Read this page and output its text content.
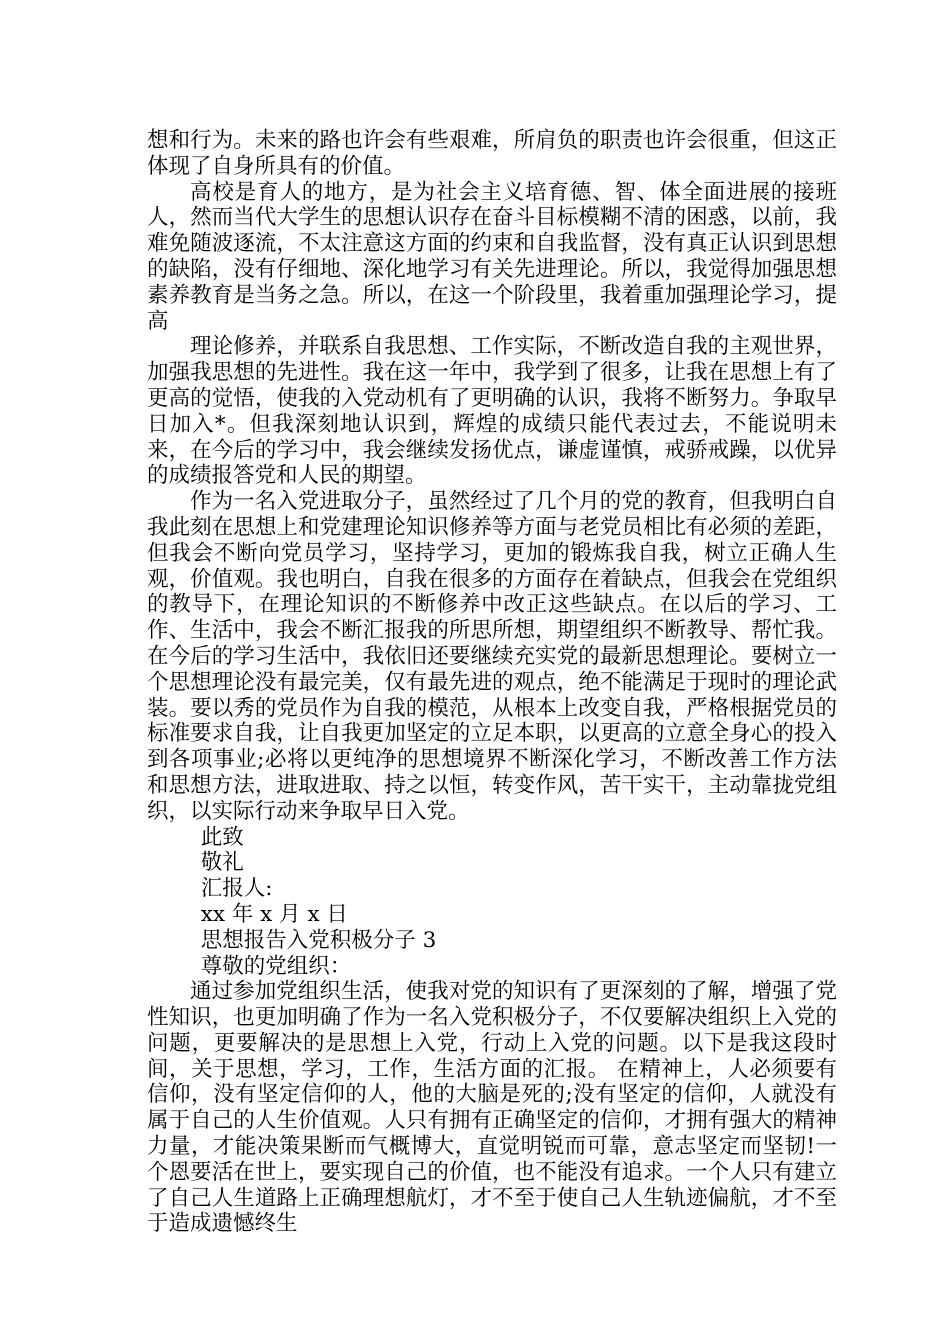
想和行为。未来的路也许会有些艰难，所肩负的职责也许会很重，但这正体现了自身所具有的价值。

高校是育人的地方，是为社会主义培育德、智、体全面进展的接班人，然而当代大学生的思想认识存在奋斗目标模糊不清的困惑，以前，我难免随波逐流，不太注意这方面的约束和自我监督，没有真正认识到思想的缺陷，没有仔细地、深化地学习有关先进理论。所以，我觉得加强思想素养教育是当务之急。所以，在这一个阶段里，我着重加强理论学习，提高

理论修养，并联系自我思想、工作实际，不断改造自我的主观世界，加强我思想的先进性。我在这一年中，我学到了很多，让我在思想上有了更高的觉悟，使我的入党动机有了更明确的认识，我将不断努力。争取早日加入*。但我深刻地认识到，辉煌的成绩只能代表过去，不能说明未来，在今后的学习中，我会继续发扬优点，谦虚谨慎，戒骄戒躁，以优异的成绩报答党和人民的期望。

作为一名入党进取分子，虽然经过了几个月的党的教育，但我明白自我此刻在思想上和党建理论知识修养等方面与老党员相比有必须的差距，但我会不断向党员学习，坚持学习，更加的锻炼我自我，树立正确人生观，价值观。我也明白，自我在很多的方面存在着缺点，但我会在党组织的教导下，在理论知识的不断修养中改正这些缺点。在以后的学习、工作、生活中，我会不断汇报我的所思所想，期望组织不断教导、帮忙我。在今后的学习生活中，我依旧还要继续充实党的最新思想理论。要树立一个思想理论没有最完美，仅有最先进的观点，绝不能满足于现时的理论武装。要以秀的党员作为自我的模范，从根本上改变自我，严格根据党员的标准要求自我，让自我更加坚定的立足本职，以更高的立意全身心的投入到各项事业;必将以更纯净的思想境界不断深化学习，不断改善工作方法和思想方法，进取进取、持之以恒，转变作风，苦干实干，主动靠拢党组织，以实际行动来争取早日入党。

此致

敬礼

汇报人:

xx 年 x 月 x 日

思想报告入党积极分子 3

尊敬的党组织：

通过参加党组织生活，使我对党的知识有了更深刻的了解，增强了党性知识，也更加明确了作为一名入党积极分子，不仅要解决组织上入党的问题，更要解决的是思想上入党，行动上入党的问题。以下是我这段时间，关于思想，学习，工作，生活方面的汇报。 在精神上，人必须要有信仰，没有坚定信仰的人，他的大脑是死的;没有坚定的信仰，人就没有属于自己的人生价值观。人只有拥有正确坚定的信仰，才拥有强大的精神力量，才能决策果断而气概博大，直觉明锐而可靠，意志坚定而坚韧!一个恩要活在世上，要实现自己的价值，也不能没有追求。一个人只有建立了自己人生道路上正确理想航灯，才不至于使自己人生轨迹偏航，才不至于造成遗憾终生
